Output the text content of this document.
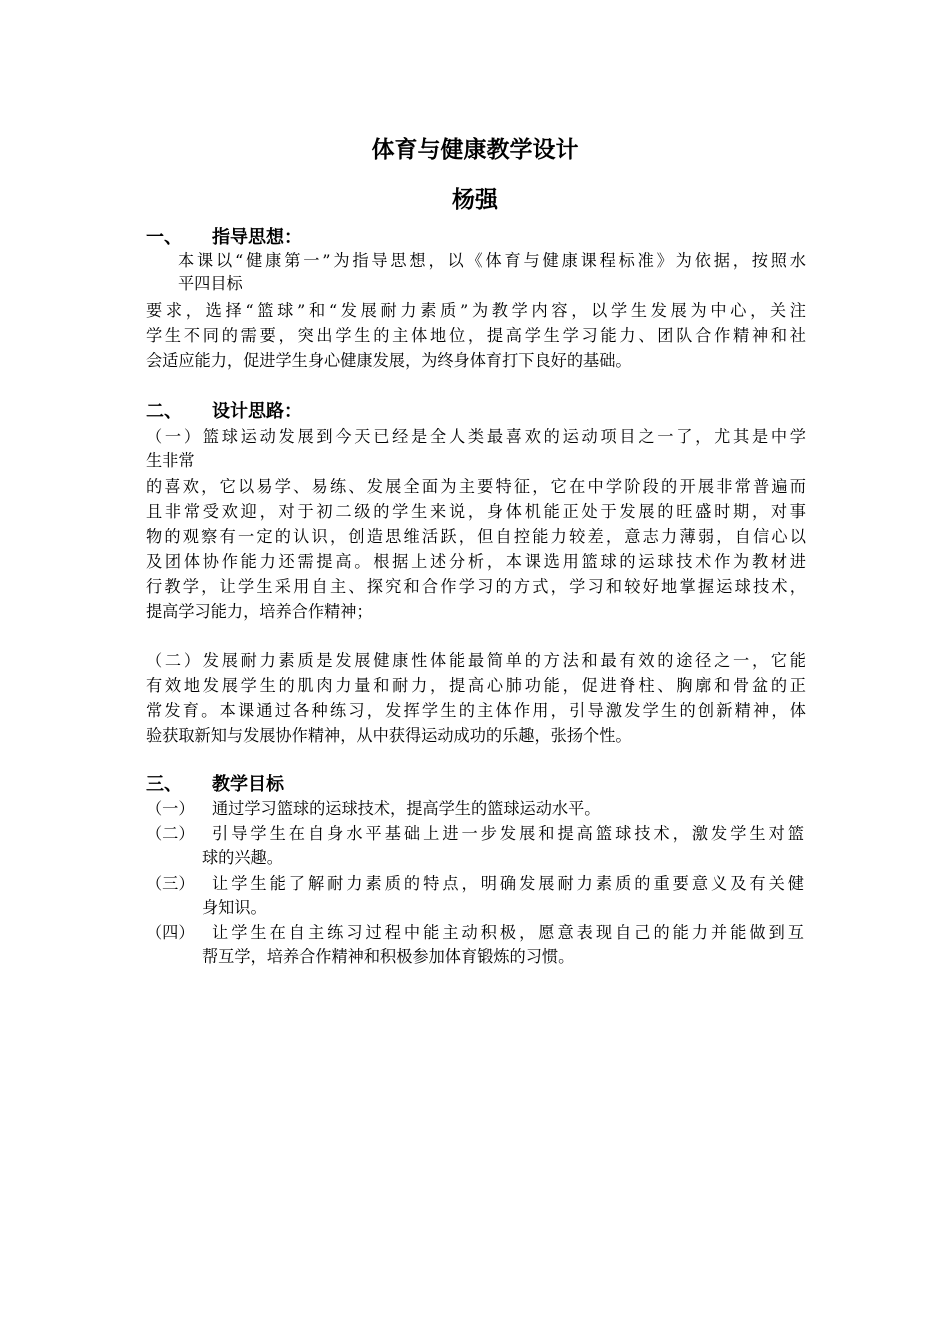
体育与健康教学设计
杨强
一、 指导思想：
本课以“健康第一”为指导思想，以《体育与健康课程标准》为依据，按照水
平四目标
要求，选择“篮球”和“发展耐力素质”为教学内容，以学生发展为中心，关注
学生不同的需要，突出学生的主体地位，提高学生学习能力、团队合作精神和社
会适应能力，促进学生身心健康发展，为终身体育打下良好的基础。
二、 设计思路：
（一）篮球运动发展到今天已经是全人类最喜欢的运动项目之一了，尤其是中学
生非常
的喜欢，它以易学、易练、发展全面为主要特征，它在中学阶段的开展非常普遍而
且非常受欢迎，对于初二级的学生来说，身体机能正处于发展的旺盛时期，对事
物的观察有一定的认识，创造思维活跃，但自控能力较差，意志力薄弱，自信心以
及团体协作能力还需提高。根据上述分析，本课选用篮球的运球技术作为教材进
行教学，让学生采用自主、探究和合作学习的方式，学习和较好地掌握运球技术，
提高学习能力，培养合作精神；
（二）发展耐力素质是发展健康性体能最简单的方法和最有效的途径之一，它能
有效地发展学生的肌肉力量和耐力，提高心肺功能，促进脊柱、胸廓和骨盆的正
常发育。本课通过各种练习，发挥学生的主体作用，引导激发学生的创新精神，体
验获取新知与发展协作精神，从中获得运动成功的乐趣，张扬个性。
三、 教学目标
（一） 通过学习篮球的运球技术，提高学生的篮球运动水平。
（二） 引导学生在自身水平基础上进一步发展和提高篮球技术，激发学生对篮
球的兴趣。
（三） 让学生能了解耐力素质的特点，明确发展耐力素质的重要意义及有关健
身知识。
（四） 让学生在自主练习过程中能主动积极，愿意表现自己的能力并能做到互
帮互学，培养合作精神和积极参加体育锻炼的习惯。
